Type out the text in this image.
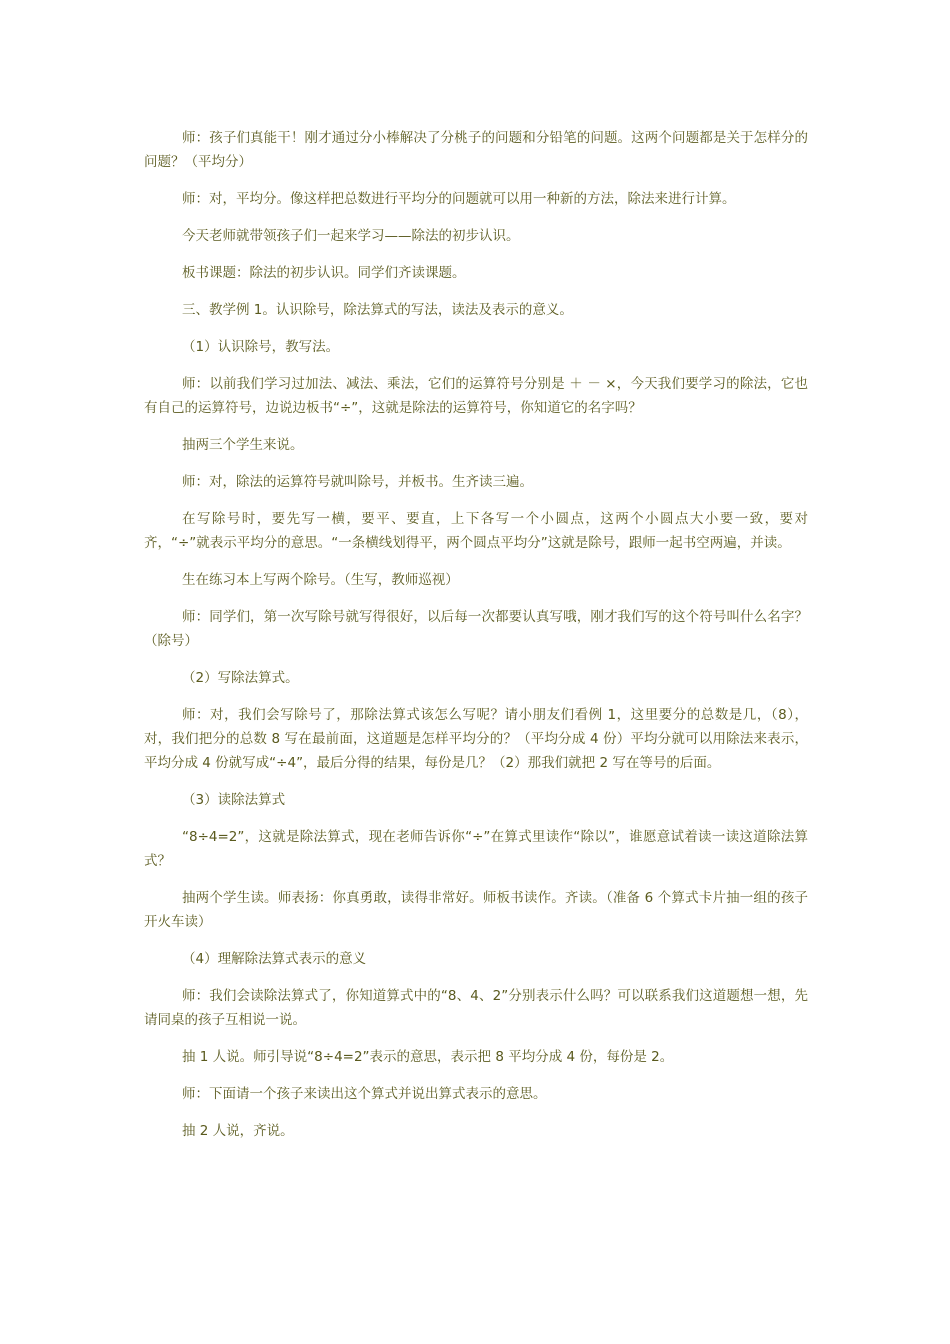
师：孩子们真能干！刚才通过分小棒解决了分桃子的问题和分铅笔的问题。这两个问题都是关于怎样分的问题？（平均分）

师：对，平均分。像这样把总数进行平均分的问题就可以用一种新的方法，除法来进行计算。

今天老师就带领孩子们一起来学习——除法的初步认识。

板书课题：除法的初步认识。同学们齐读课题。

三、教学例 1。认识除号，除法算式的写法，读法及表示的意义。

（1）认识除号，教写法。

师：以前我们学习过加法、减法、乘法，它们的运算符号分别是 ＋ － ×，今天我们要学习的除法，它也有自己的运算符号，边说边板书“÷”，这就是除法的运算符号，你知道它的名字吗？

抽两三个学生来说。

师：对，除法的运算符号就叫除号，并板书。生齐读三遍。

在写除号时，要先写一横，要平、要直，上下各写一个小圆点，这两个小圆点大小要一致，要对齐，“÷”就表示平均分的意思。“一条横线划得平，两个圆点平均分”这就是除号，跟师一起书空两遍，并读。

生在练习本上写两个除号。（生写，教师巡视）

师：同学们，第一次写除号就写得很好，以后每一次都要认真写哦，刚才我们写的这个符号叫什么名字？（除号）

（2）写除法算式。

师：对，我们会写除号了，那除法算式该怎么写呢？请小朋友们看例 1，这里要分的总数是几，（8），对，我们把分的总数 8 写在最前面，这道题是怎样平均分的？（平均分成 4 份）平均分就可以用除法来表示，平均分成 4 份就写成“÷4”，最后分得的结果，每份是几？（2）那我们就把 2 写在等号的后面。

（3）读除法算式

“8÷4=2”，这就是除法算式，现在老师告诉你“÷”在算式里读作“除以”，谁愿意试着读一读这道除法算式？

抽两个学生读。师表扬：你真勇敢，读得非常好。师板书读作。齐读。（准备 6 个算式卡片抽一组的孩子开火车读）

（4）理解除法算式表示的意义

师：我们会读除法算式了，你知道算式中的“8、4、2”分别表示什么吗？可以联系我们这道题想一想，先请同桌的孩子互相说一说。

抽 1 人说。师引导说“8÷4=2”表示的意思，表示把 8 平均分成 4 份，每份是 2。

师：下面请一个孩子来读出这个算式并说出算式表示的意思。

抽 2 人说，齐说。
